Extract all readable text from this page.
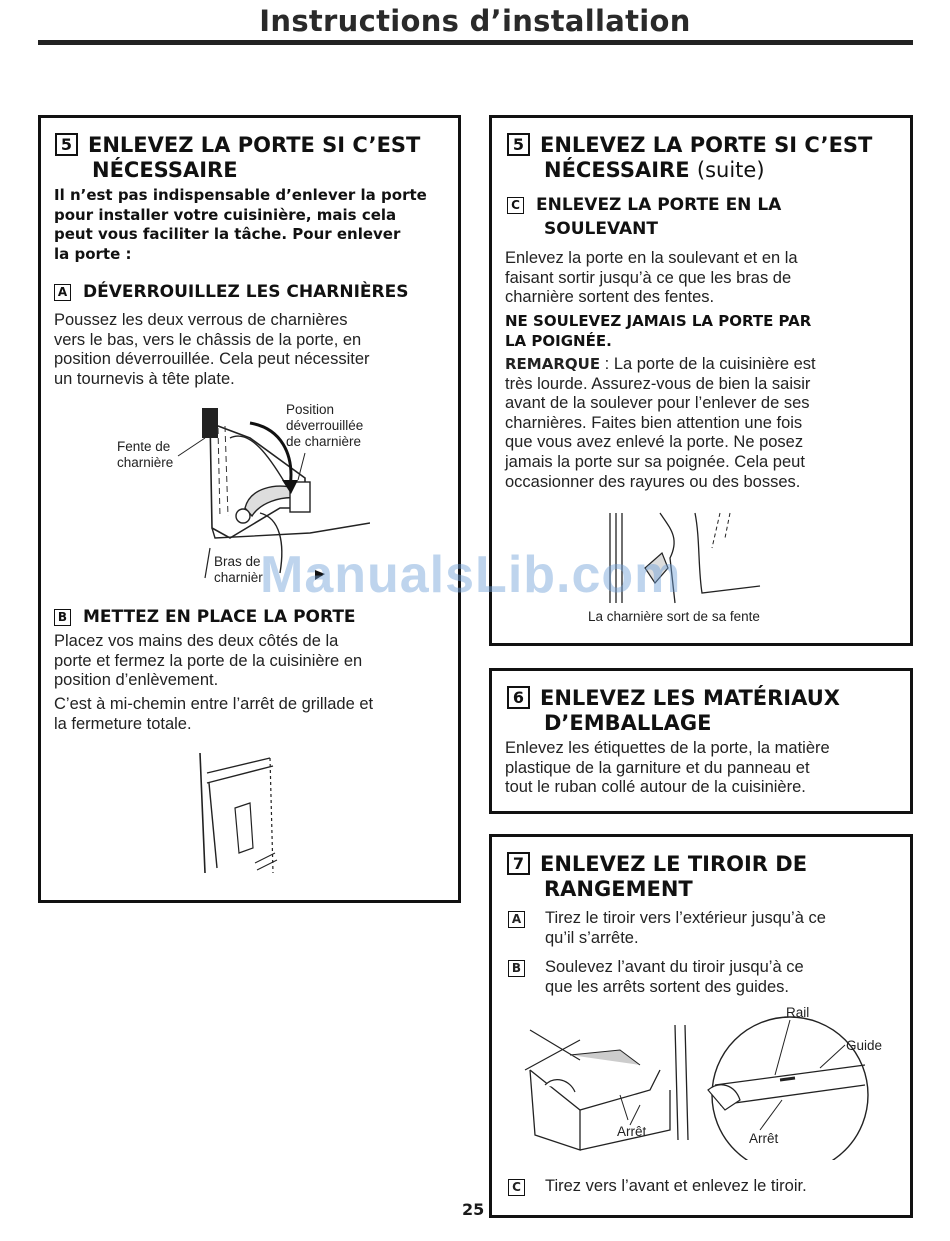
Instructions d’installation
5 ENLEVEZ LA PORTE SI C’EST
NÉCESSAIRE
Il n’est pas indispensable d’enlever la porte
pour installer votre cuisinière, mais cela
peut vous faciliter la tâche. Pour enlever
la porte :
A DÉVERROUILLEZ LES CHARNIÈRES
Poussez les deux verrous de charnières
vers le bas, vers le châssis de la porte, en
position déverrouillée. Cela peut nécessiter
un tournevis à tête plate.
Position
déverrouillée
de charnière
Fente de
charnière
Bras de
charnièr
B METTEZ EN PLACE LA PORTE
Placez vos mains des deux côtés de la
porte et fermez la porte de la cuisinière en
position d’enlèvement.
C’est à mi-chemin entre l’arrêt de grillade et
la fermeture totale.
5 ENLEVEZ LA PORTE SI C’EST
NÉCESSAIRE (suite)
C ENLEVEZ LA PORTE EN LA
SOULEVANT
Enlevez la porte en la soulevant et en la
faisant sortir jusqu’à ce que les bras de
charnière sortent des fentes.
NE SOULEVEZ JAMAIS LA PORTE PAR
LA POIGNÉE.
REMARQUE : La porte de la cuisinière est
très lourde. Assurez-vous de bien la saisir
avant de la soulever pour l’enlever de ses
charnières. Faites bien attention une fois
que vous avez enlevé la porte. Ne posez
jamais la porte sur sa poignée. Cela peut
occasionner des rayures ou des bosses.
La charnière sort de sa fente
6 ENLEVEZ LES MATÉRIAUX
D’EMBALLAGE
Enlevez les étiquettes de la porte, la matière
plastique de la garniture et du panneau et
tout le ruban collé autour de la cuisinière.
7 ENLEVEZ LE TIROIR DE
RANGEMENT
A Tirez le tiroir vers l’extérieur jusqu’à ce
qu’il s’arrête.
B Soulevez l’avant du tiroir jusqu’à ce
que les arrêts sortent des guides.
Rail
Guide
Arrêt	Arrêt
C Tirez vers l’avant et enlevez le tiroir.
ManualsLib.com
25
